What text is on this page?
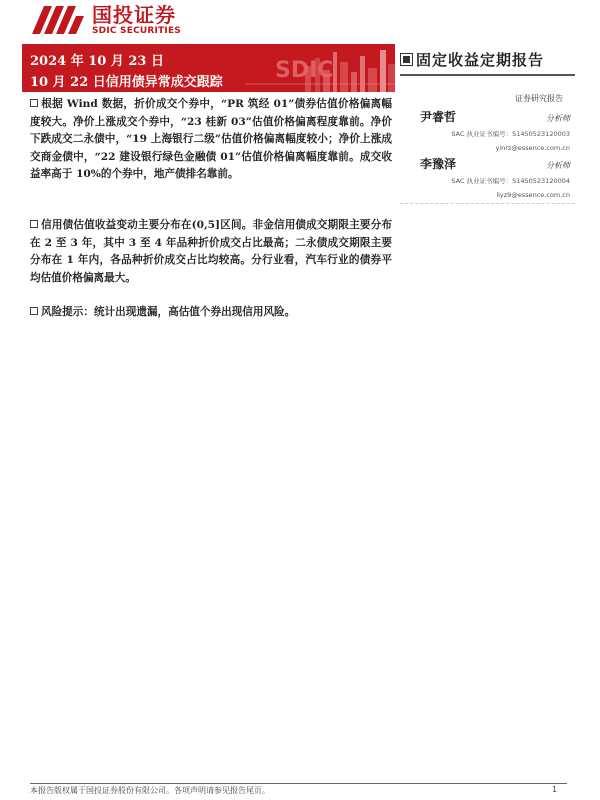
国投证券
SDIC SECURITIES
SDIC
2024 年 10 月 23 日
10 月 22 日信用债异常成交跟踪
固定收益定期报告
证券研究报告
尹睿哲	分析师
SAC 执业证书编号：S1450523120003
yinrz@essence.com.cn
李豫泽	分析师
SAC 执业证书编号：S1450523120004
liyz9@essence.com.cn
根据 Wind 数据，折价成交个券中，“PR 筑经 01”债券估值价格偏离幅度较大。净价上涨成交个券中，“23 桂新 03”估值价格偏离程度靠前。净价下跌成交二永债中，“19 上海银行二级”估值价格偏离幅度较小；净价上涨成交商金债中，“22 建设银行绿色金融债 01”估值价格偏离幅度靠前。成交收益率高于 10%的个券中，地产债排名靠前。
信用债估值收益变动主要分布在(0,5]区间。非金信用债成交期限主要分布在 2 至 3 年，其中 3 至 4 年品种折价成交占比最高；二永债成交期限主要分布在 1 年内，各品种折价成交占比均较高。分行业看，汽车行业的债券平均估值价格偏离最大。
风险提示：统计出现遗漏，高估值个券出现信用风险。
本报告版权属于国投证券股份有限公司。各项声明请参见报告尾页。	1
